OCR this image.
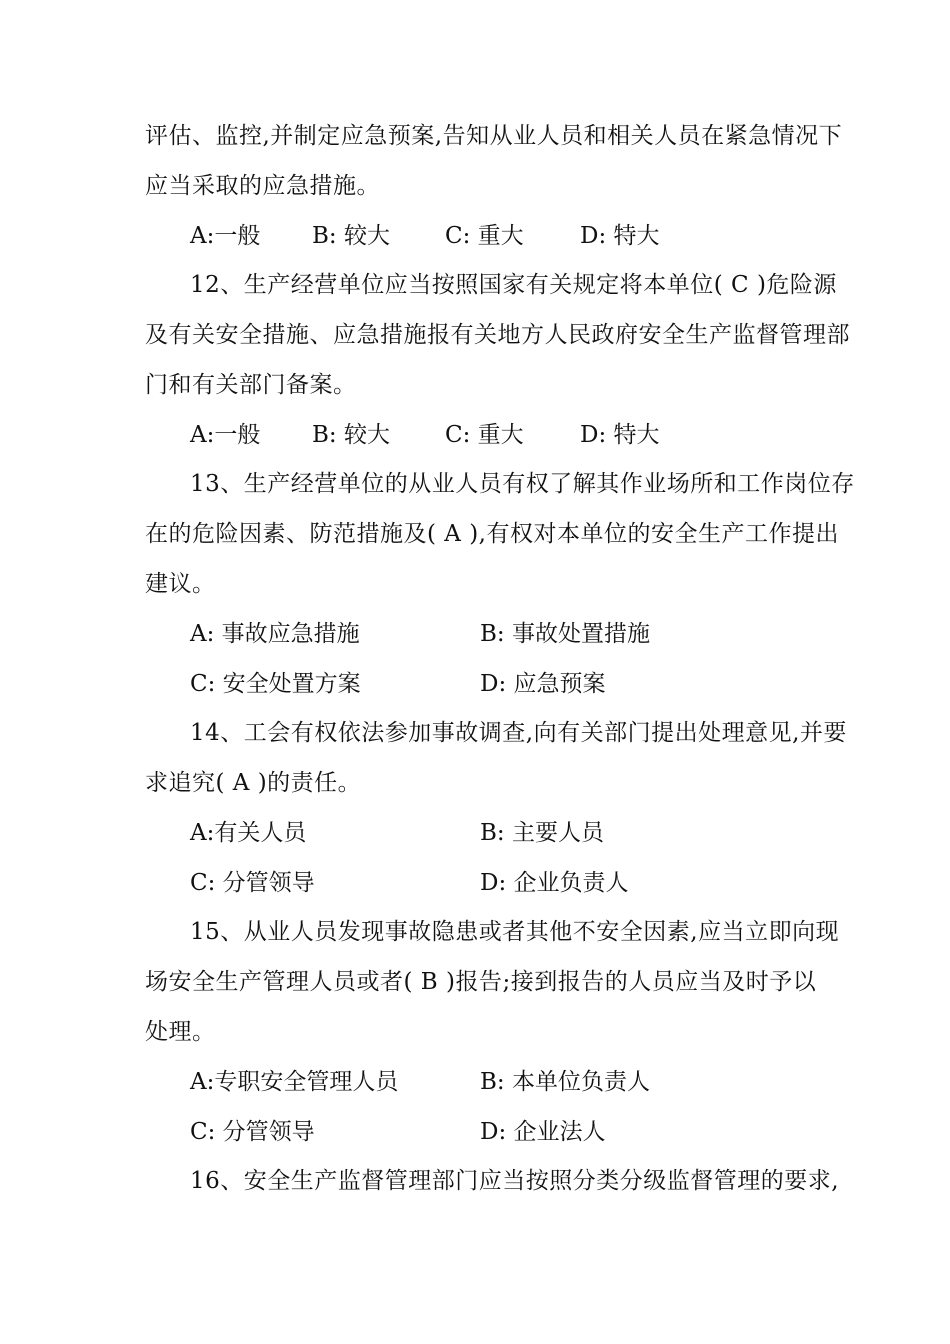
评估、监控,并制定应急预案,告知从业人员和相关人员在紧急情况下
应当采取的应急措施。
A:一般 B: 较大 C: 重大 D: 特大
12、生产经营单位应当按照国家有关规定将本单位( C )危险源
及有关安全措施、应急措施报有关地方人民政府安全生产监督管理部
门和有关部门备案。
A:一般 B: 较大 C: 重大 D: 特大
13、生产经营单位的从业人员有权了解其作业场所和工作岗位存
在的危险因素、防范措施及( A ),有权对本单位的安全生产工作提出
建议。
A: 事故应急措施	B: 事故处置措施
C: 安全处置方案	D: 应急预案
14、工会有权依法参加事故调查,向有关部门提出处理意见,并要
求追究( A )的责任。
A:有关人员	B: 主要人员
C: 分管领导	D: 企业负责人
15、从业人员发现事故隐患或者其他不安全因素,应当立即向现
场安全生产管理人员或者( B )报告;接到报告的人员应当及时予以
处理。
A:专职安全管理人员	B: 本单位负责人
C: 分管领导	D: 企业法人
16、安全生产监督管理部门应当按照分类分级监督管理的要求,
